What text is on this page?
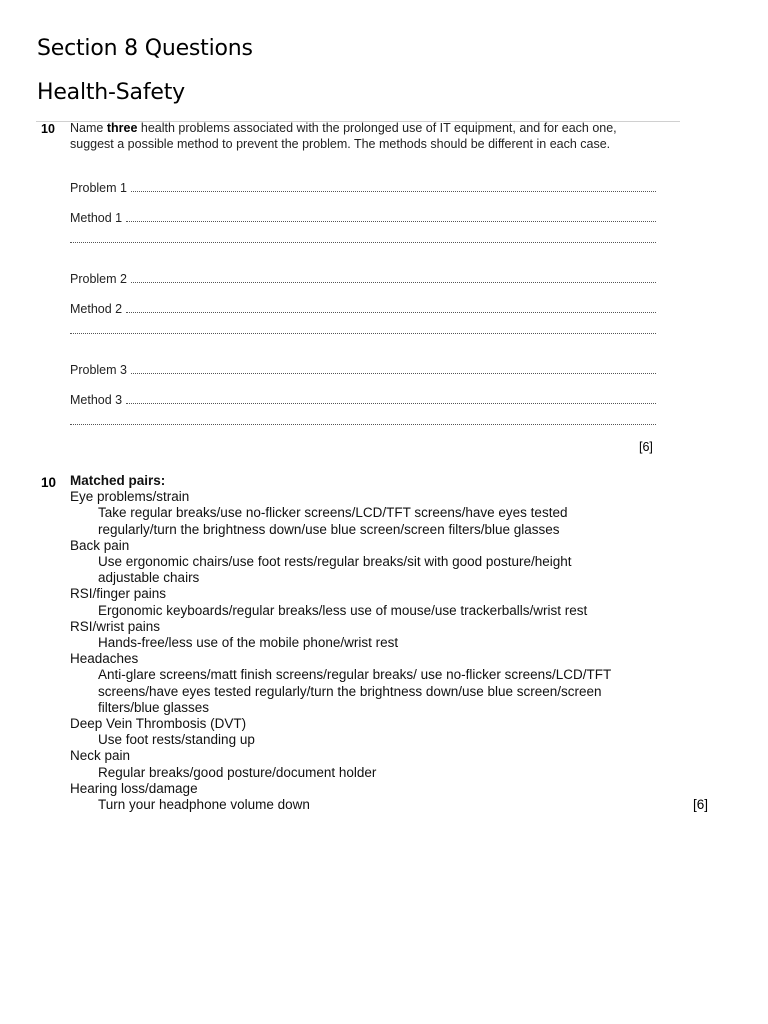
Section 8 Questions
Health-Safety
10 Name three health problems associated with the prolonged use of IT equipment, and for each one, suggest a possible method to prevent the problem. The methods should be different in each case.
Problem 1
Method 1
Problem 2
Method 2
Problem 3
Method 3
[6]
10 Matched pairs:
Eye problems/strain
Take regular breaks/use no-flicker screens/LCD/TFT screens/have eyes tested
regularly/turn the brightness down/use blue screen/screen filters/blue glasses
Back pain
Use ergonomic chairs/use foot rests/regular breaks/sit with good posture/height
adjustable chairs
RSI/finger pains
Ergonomic keyboards/regular breaks/less use of mouse/use trackerballs/wrist rest
RSI/wrist pains
Hands-free/less use of the mobile phone/wrist rest
Headaches
Anti-glare screens/matt finish screens/regular breaks/ use no-flicker screens/LCD/TFT
screens/have eyes tested regularly/turn the brightness down/use blue screen/screen
filters/blue glasses
Deep Vein Thrombosis (DVT)
Use foot rests/standing up
Neck pain
Regular breaks/good posture/document holder
Hearing loss/damage
Turn your headphone volume down	[6]
